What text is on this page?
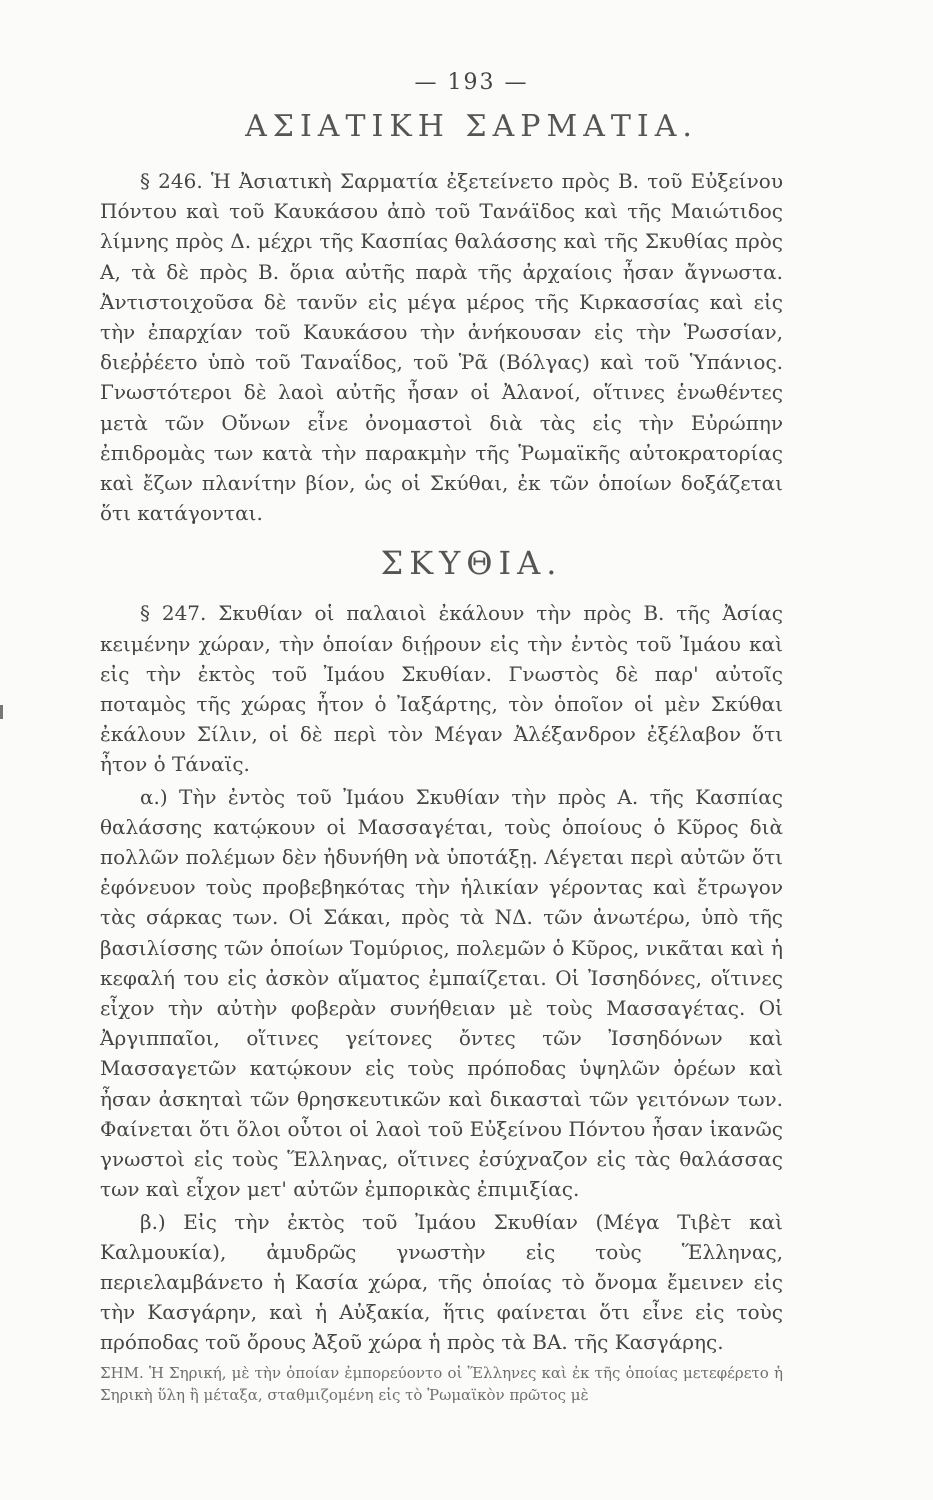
— 193 —
ΑΣΙΑΤΙΚΗ ΣΑΡΜΑΤΙΑ.

§ 246. Ἡ Ἀσιατικὴ Σαρματία ἐξετείνετο πρὸς Β. τοῦ Εὐξείνου Πόντου καὶ τοῦ Καυκάσου ἀπὸ τοῦ Τανάϊδος καὶ τῆς Μαιώτιδος λίμνης πρὸς Δ. μέχρι τῆς Κασπίας θαλάσσης καὶ τῆς Σκυθίας πρὸς Α, τὰ δὲ πρὸς Β. ὅρια αὐτῆς παρὰ τῆς ἀρχαίοις ἦσαν ἄγνωστα. Ἀντιστοιχοῦσα δὲ τανῦν εἰς μέγα μέρος τῆς Κιρκασσίας καὶ εἰς τὴν ἐπαρχίαν τοῦ Καυκάσου τὴν ἀνήκουσαν εἰς τὴν Ῥωσσίαν, διεῤῥέετο ὑπὸ τοῦ Ταναΐδος, τοῦ Ῥᾶ (Βόλγας) καὶ τοῦ Ὑπάνιος. Γνωστότεροι δὲ λαοὶ αὐτῆς ἦσαν οἱ Ἀλανοί, οἵτινες ἑνωθέντες μετὰ τῶν Οὔνων εἶνε ὀνομαστοὶ διὰ τὰς εἰς τὴν Εὐρώπην ἐπιδρομὰς των κατὰ τὴν παρακμὴν τῆς Ῥωμαϊκῆς αὐτοκρατορίας καὶ ἔζων πλανίτην βίον, ὡς οἱ Σκύθαι, ἐκ τῶν ὁποίων δοξάζεται ὅτι κατάγονται.

ΣΚΥΘΙΑ.

§ 247. Σκυθίαν οἱ παλαιοὶ ἐκάλουν τὴν πρὸς Β. τῆς Ἀσίας κειμένην χώραν, τὴν ὁποίαν διῄρουν εἰς τὴν ἐντὸς τοῦ Ἰμάου καὶ εἰς τὴν ἐκτὸς τοῦ Ἰμάου Σκυθίαν. Γνωστὸς δὲ παρ' αὐτοῖς ποταμὸς τῆς χώρας ἦτον ὁ Ἰαξάρτης, τὸν ὁποῖον οἱ μὲν Σκύθαι ἐκάλουν Σίλιν, οἱ δὲ περὶ τὸν Μέγαν Ἀλέξανδρον ἐξέλαβον ὅτι ἦτον ὁ Τάναϊς.

α.) Τὴν ἐντὸς τοῦ Ἰμάου Σκυθίαν τὴν πρὸς Α. τῆς Κασπίας θαλάσσης κατῴκουν οἱ Μασσαγέται, τοὺς ὁποίους ὁ Κῦρος διὰ πολλῶν πολέμων δὲν ἠδυνήθη νὰ ὑποτάξῃ. Λέγεται περὶ αὐτῶν ὅτι ἐφόνευον τοὺς προβεβηκότας τὴν ἡλικίαν γέροντας καὶ ἔτρωγον τὰς σάρκας των. Οἱ Σάκαι, πρὸς τὰ ΝΔ. τῶν ἀνωτέρω, ὑπὸ τῆς βασιλίσσης τῶν ὁποίων Τομύριος, πολεμῶν ὁ Κῦρος, νικᾶται καὶ ἡ κεφαλή του εἰς ἀσκὸν αἵματος ἐμπαίζεται. Οἱ Ἰσσηδόνες, οἵτινες εἶχον τὴν αὐτὴν φοβερὰν συνήθειαν μὲ τοὺς Μασσαγέτας. Οἱ Ἀργιππαῖοι, οἵτινες γείτονες ὄντες τῶν Ἰσσηδόνων καὶ Μασσαγετῶν κατῴκουν εἰς τοὺς πρόποδας ὑψηλῶν ὀρέων καὶ ἦσαν ἀσκηταὶ τῶν θρησκευτικῶν καὶ δικασταὶ τῶν γειτόνων των. Φαίνεται ὅτι ὅλοι οὗτοι οἱ λαοὶ τοῦ Εὐξείνου Πόντου ἦσαν ἱκανῶς γνωστοὶ εἰς τοὺς Ἕλληνας, οἵτινες ἐσύχναζον εἰς τὰς θαλάσσας των καὶ εἶχον μετ' αὐτῶν ἐμπορικὰς ἐπιμιξίας.

β.) Εἰς τὴν ἐκτὸς τοῦ Ἰμάου Σκυθίαν (Μέγα Τιβὲτ καὶ Καλμουκία), ἀμυδρῶς γνωστὴν εἰς τοὺς Ἕλληνας, περιελαμβάνετο ἡ Κασία χώρα, τῆς ὁποίας τὸ ὄνομα ἔμεινεν εἰς τὴν Κασγάρην, καὶ ἡ Αὐξακία, ἥτις φαίνεται ὅτι εἶνε εἰς τοὺς πρόποδας τοῦ ὄρους Ἀξοῦ χώρα ἡ πρὸς τὰ ΒΑ. τῆς Κασγάρης.

ΣΗΜ. Ἡ Σηρική, μὲ τὴν ὁποίαν ἐμπορεύοντο οἱ Ἕλληνες καὶ ἐκ τῆς ὁποίας μετεφέρετο ἡ Σηρικὴ ὕλη ἢ μέταξα, σταθμιζομένη εἰς τὸ Ῥωμαϊκὸν πρῶτος μὲ
